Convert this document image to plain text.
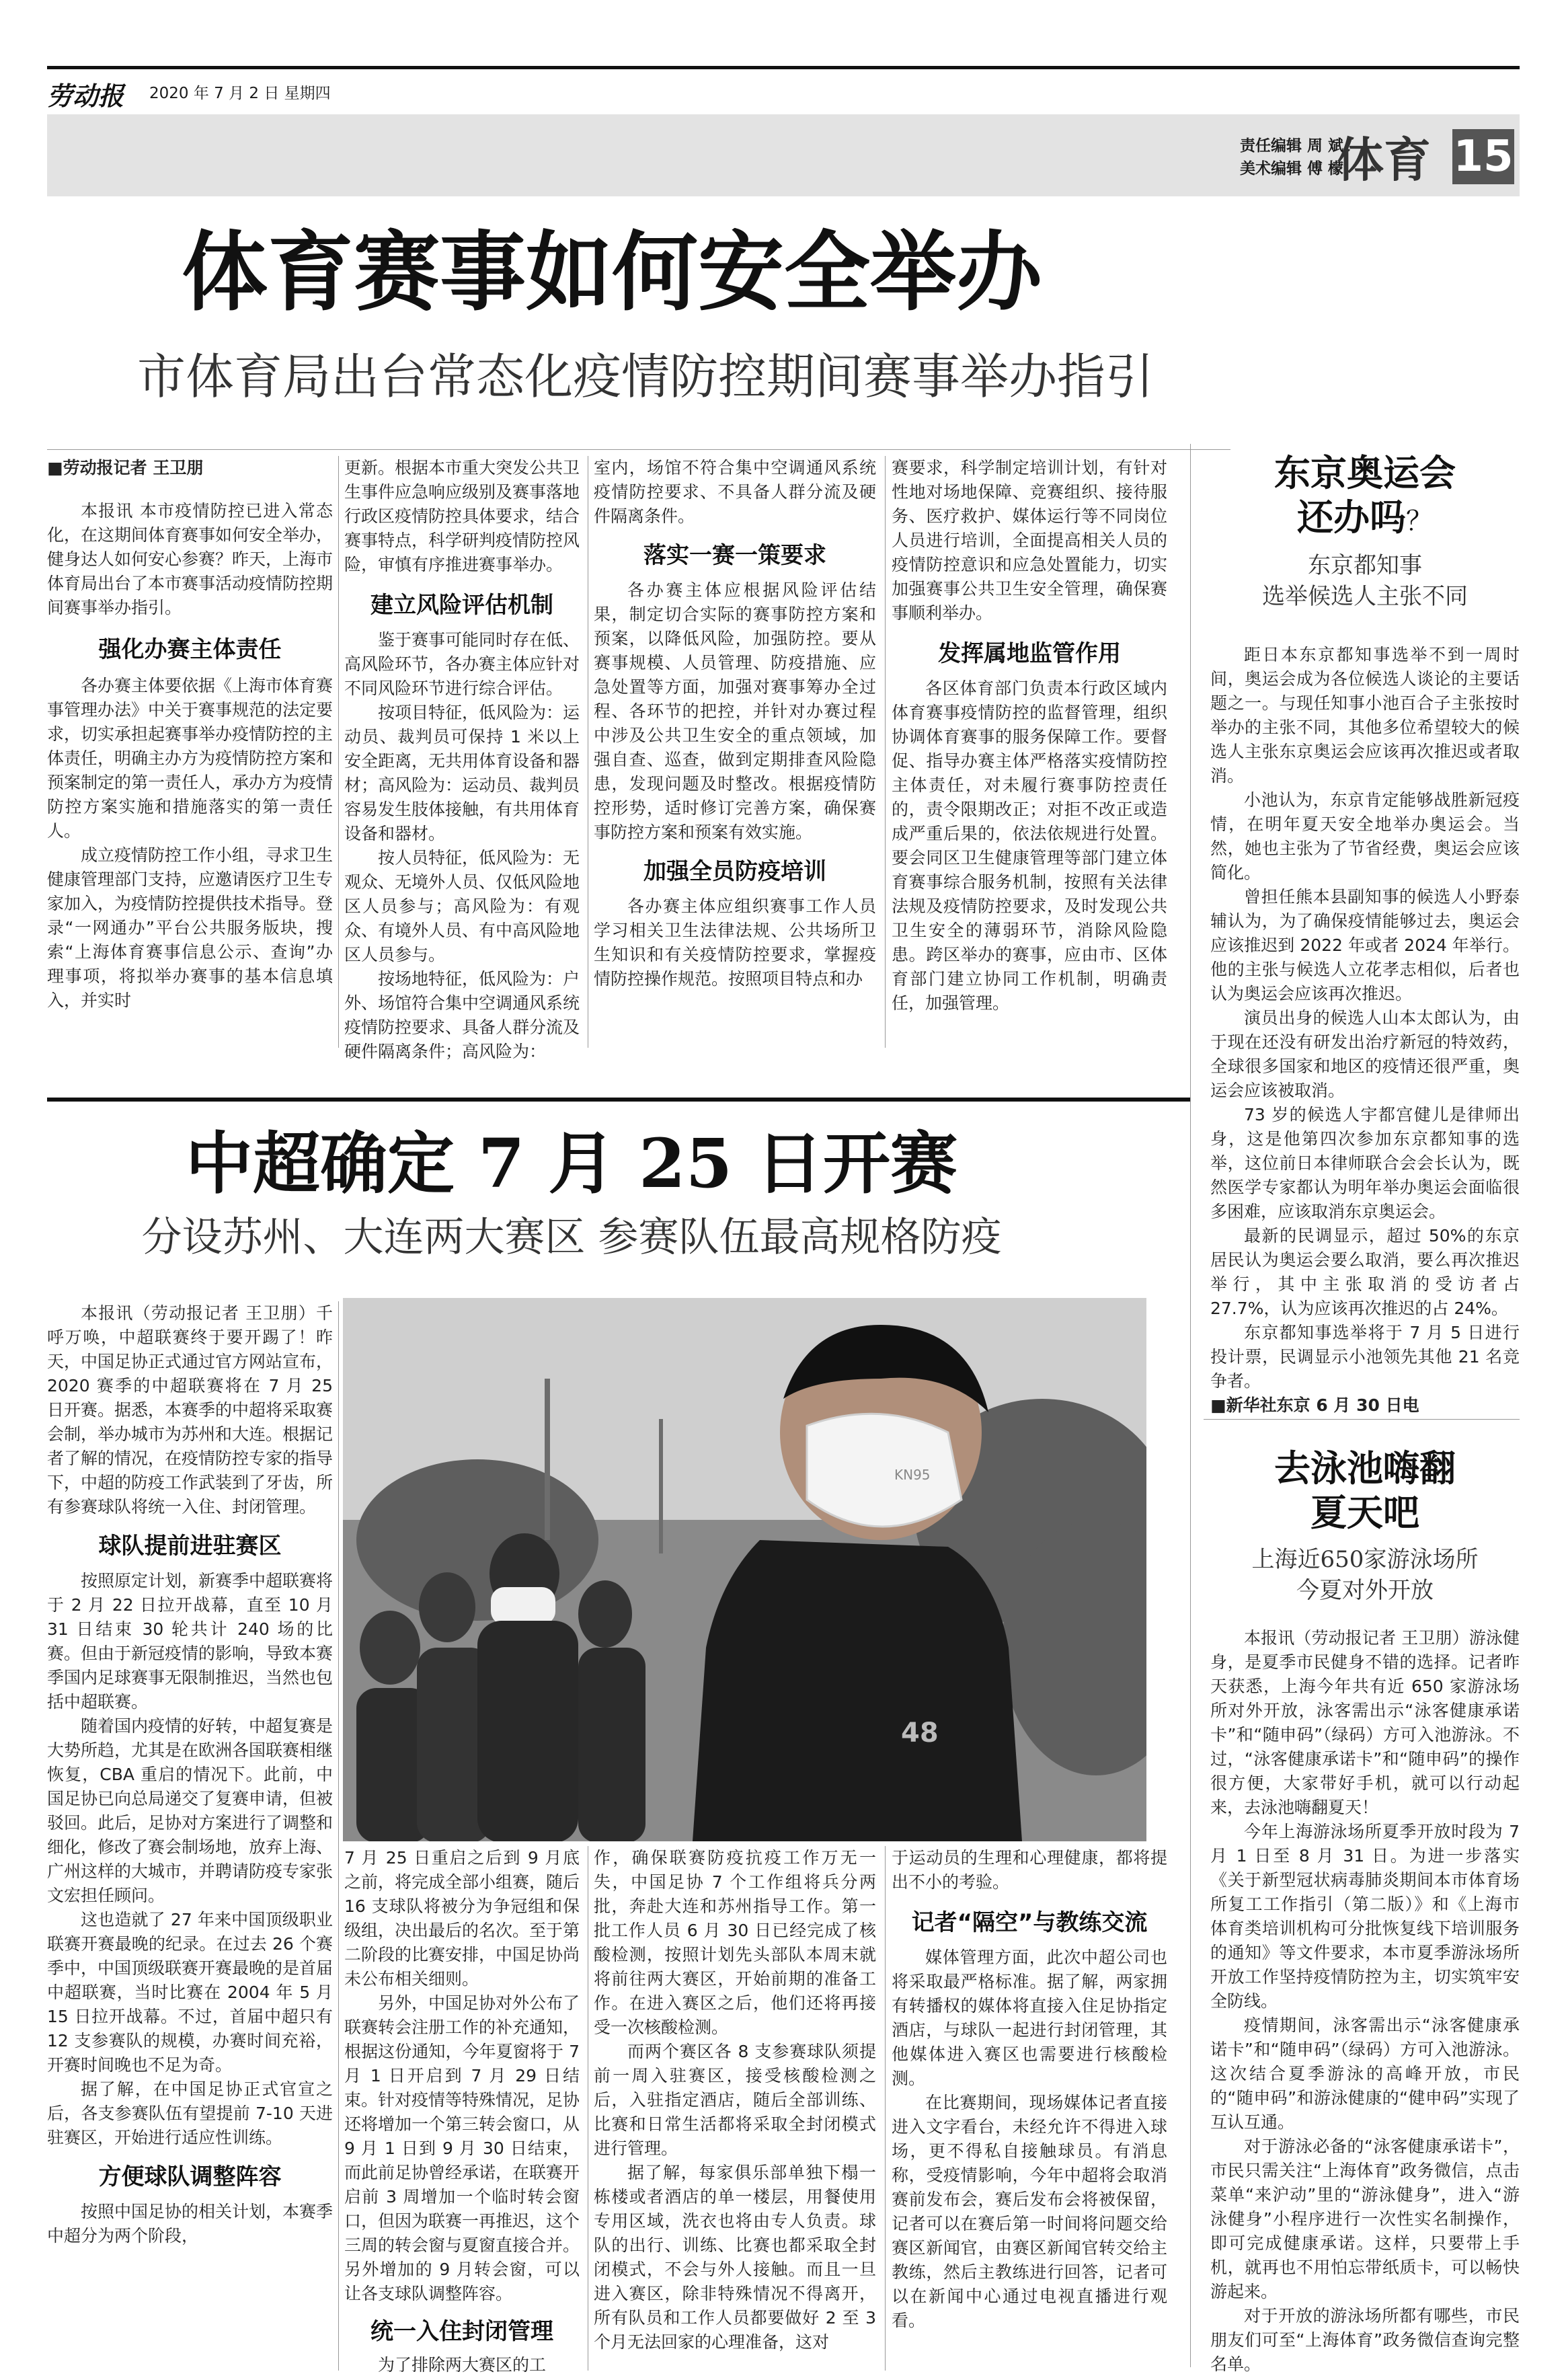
劳动报 2020 年 7 月 2 日 星期四
责任编辑 周 斌
美术编辑 傅 檬
体育 15
体育赛事如何安全举办
市体育局出台常态化疫情防控期间赛事举办指引

■劳动报记者 王卫朋

本报讯 本市疫情防控已进入常态化，在这期间体育赛事如何安全举办，健身达人如何安心参赛？昨天，上海市体育局出台了本市赛事活动疫情防控期间赛事举办指引。

强化办赛主体责任

各办赛主体要依据《上海市体育赛事管理办法》中关于赛事规范的法定要求，切实承担起赛事举办疫情防控的主体责任，明确主办方为疫情防控方案和预案制定的第一责任人，承办方为疫情防控方案实施和措施落实的第一责任人。

成立疫情防控工作小组，寻求卫生健康管理部门支持，应邀请医疗卫生专家加入，为疫情防控提供技术指导。登录“一网通办”平台公共服务版块，搜索“上海体育赛事信息公示、查询”办理事项，将拟举办赛事的基本信息填入，并实时

更新。根据本市重大突发公共卫生事件应急响应级别及赛事落地行政区疫情防控具体要求，结合赛事特点，科学研判疫情防控风险，审慎有序推进赛事举办。

建立风险评估机制

鉴于赛事可能同时存在低、高风险环节，各办赛主体应针对不同风险环节进行综合评估。

按项目特征，低风险为：运动员、裁判员可保持 1 米以上安全距离，无共用体育设备和器材；高风险为：运动员、裁判员容易发生肢体接触，有共用体育设备和器材。

按人员特征，低风险为：无观众、无境外人员、仅低风险地区人员参与；高风险为：有观众、有境外人员、有中高风险地区人员参与。

按场地特征，低风险为：户外、场馆符合集中空调通风系统疫情防控要求、具备人群分流及硬件隔离条件；高风险为：

室内，场馆不符合集中空调通风系统疫情防控要求、不具备人群分流及硬件隔离条件。

落实一赛一策要求

各办赛主体应根据风险评估结果，制定切合实际的赛事防控方案和预案，以降低风险，加强防控。要从赛事规模、人员管理、防疫措施、应急处置等方面，加强对赛事筹办全过程、各环节的把控，并针对办赛过程中涉及公共卫生安全的重点领域，加强自查、巡查，做到定期排查风险隐患，发现问题及时整改。根据疫情防控形势，适时修订完善方案，确保赛事防控方案和预案有效实施。

加强全员防疫培训

各办赛主体应组织赛事工作人员学习相关卫生法律法规、公共场所卫生知识和有关疫情防控要求，掌握疫情防控操作规范。按照项目特点和办

赛要求，科学制定培训计划，有针对性地对场地保障、竞赛组织、接待服务、医疗救护、媒体运行等不同岗位人员进行培训，全面提高相关人员的疫情防控意识和应急处置能力，切实加强赛事公共卫生安全管理，确保赛事顺利举办。

发挥属地监管作用

各区体育部门负责本行政区域内体育赛事疫情防控的监督管理，组织协调体育赛事的服务保障工作。要督促、指导办赛主体严格落实疫情防控主体责任，对未履行赛事防控责任的，责令限期改正；对拒不改正或造成严重后果的，依法依规进行处置。要会同区卫生健康管理等部门建立体育赛事综合服务机制，按照有关法律法规及疫情防控要求，及时发现公共卫生安全的薄弱环节，消除风险隐患。跨区举办的赛事，应由市、区体育部门建立协同工作机制，明确责任，加强管理。

中超确定 7 月 25 日开赛
分设苏州、大连两大赛区 参赛队伍最高规格防疫

本报讯（劳动报记者 王卫朋）千呼万唤，中超联赛终于要开踢了！昨天，中国足协正式通过官方网站宣布，2020 赛季的中超联赛将在 7 月 25 日开赛。据悉，本赛季的中超将采取赛会制，举办城市为苏州和大连。根据记者了解的情况，在疫情防控专家的指导下，中超的防疫工作武装到了牙齿，所有参赛球队将统一入住、封闭管理。

球队提前进驻赛区

按照原定计划，新赛季中超联赛将于 2 月 22 日拉开战幕，直至 10 月 31 日结束 30 轮共计 240 场的比赛。但由于新冠疫情的影响，导致本赛季国内足球赛事无限制推迟，当然也包括中超联赛。

随着国内疫情的好转，中超复赛是大势所趋，尤其是在欧洲各国联赛相继恢复，CBA 重启的情况下。此前，中国足协已向总局递交了复赛申请，但被驳回。此后，足协对方案进行了调整和细化，修改了赛会制场地，放弃上海、广州这样的大城市，并聘请防疫专家张文宏担任顾问。

这也造就了 27 年来中国顶级职业联赛开赛最晚的纪录。在过去 26 个赛季中，中国顶级联赛开赛最晚的是首届中超联赛，当时比赛在 2004 年 5 月 15 日拉开战幕。不过，首届中超只有 12 支参赛队的规模，办赛时间充裕，开赛时间晚也不足为奇。

据了解，在中国足协正式官宣之后，各支参赛队伍有望提前 7-10 天进驻赛区，开始进行适应性训练。

方便球队调整阵容

按照中国足协的相关计划，本赛季中超分为两个阶段，

KN95
48

7 月 25 日重启之后到 9 月底之前，将完成全部小组赛，随后 16 支球队将被分为争冠组和保级组，决出最后的名次。至于第二阶段的比赛安排，中国足协尚未公布相关细则。

另外，中国足协对外公布了联赛转会注册工作的补充通知，根据这份通知，今年夏窗将于 7 月 1 日开启到 7 月 29 日结束。针对疫情等特殊情况，足协还将增加一个第三转会窗口，从 9 月 1 日到 9 月 30 日结束，而此前足协曾经承诺，在联赛开启前 3 周增加一个临时转会窗口，但因为联赛一再推迟，这个三周的转会窗与夏窗直接合并。另外增加的 9 月转会窗，可以让各支球队调整阵容。

统一入住封闭管理

为了排除两大赛区的工

作，确保联赛防疫抗疫工作万无一失，中国足协 7 个工作组将兵分两批，奔赴大连和苏州指导工作。第一批工作人员 6 月 30 日已经完成了核酸检测，按照计划先头部队本周末就将前往两大赛区，开始前期的准备工作。在进入赛区之后，他们还将再接受一次核酸检测。

而两个赛区各 8 支参赛球队须提前一周入驻赛区，接受核酸检测之后，入驻指定酒店，随后全部训练、比赛和日常生活都将采取全封闭模式进行管理。

据了解，每家俱乐部单独下榻一栋楼或者酒店的单一楼层，用餐使用专用区域，洗衣也将由专人负责。球队的出行、训练、比赛也都采取全封闭模式，不会与外人接触。而且一旦进入赛区，除非特殊情况不得离开，所有队员和工作人员都要做好 2 至 3 个月无法回家的心理准备，这对

于运动员的生理和心理健康，都将提出不小的考验。

记者“隔空”与教练交流

媒体管理方面，此次中超公司也将采取最严格标准。据了解，两家拥有转播权的媒体将直接入住足协指定酒店，与球队一起进行封闭管理，其他媒体进入赛区也需要进行核酸检测。

在比赛期间，现场媒体记者直接进入文字看台，未经允许不得进入球场，更不得私自接触球员。有消息称，受疫情影响，今年中超将会取消赛前发布会，赛后发布会将被保留，记者可以在赛后第一时间将问题交给赛区新闻官，由赛区新闻官转交给主教练，然后主教练进行回答，记者可以在新闻中心通过电视直播进行观看。

东京奥运会
还办吗？
东京都知事
选举候选人主张不同

距日本东京都知事选举不到一周时间，奥运会成为各位候选人谈论的主要话题之一。与现任知事小池百合子主张按时举办的主张不同，其他多位希望较大的候选人主张东京奥运会应该再次推迟或者取消。

小池认为，东京肯定能够战胜新冠疫情，在明年夏天安全地举办奥运会。当然，她也主张为了节省经费，奥运会应该简化。

曾担任熊本县副知事的候选人小野泰辅认为，为了确保疫情能够过去，奥运会应该推迟到 2022 年或者 2024 年举行。他的主张与候选人立花孝志相似，后者也认为奥运会应该再次推迟。

演员出身的候选人山本太郎认为，由于现在还没有研发出治疗新冠的特效药，全球很多国家和地区的疫情还很严重，奥运会应该被取消。

73 岁的候选人宇都宫健儿是律师出身，这是他第四次参加东京都知事的选举，这位前日本律师联合会会长认为，既然医学专家都认为明年举办奥运会面临很多困难，应该取消东京奥运会。

最新的民调显示，超过 50%的东京居民认为奥运会要么取消，要么再次推迟举行，其中主张取消的受访者占 27.7%，认为应该再次推迟的占 24%。

东京都知事选举将于 7 月 5 日进行投计票，民调显示小池领先其他 21 名竞争者。

■新华社东京 6 月 30 日电

去泳池嗨翻
夏天吧
上海近650家游泳场所
今夏对外开放

本报讯（劳动报记者 王卫朋）游泳健身，是夏季市民健身不错的选择。记者昨天获悉，上海今年共有近 650 家游泳场所对外开放，泳客需出示“泳客健康承诺卡”和“随申码”（绿码）方可入池游泳。不过，“泳客健康承诺卡”和“随申码”的操作很方便，大家带好手机，就可以行动起来，去泳池嗨翻夏天！

今年上海游泳场所夏季开放时段为 7 月 1 日至 8 月 31 日。为进一步落实《关于新型冠状病毒肺炎期间本市体育场所复工工作指引（第二版）》和《上海市体育类培训机构可分批恢复线下培训服务的通知》等文件要求，本市夏季游泳场所开放工作坚持疫情防控为主，切实筑牢安全防线。

疫情期间，泳客需出示“泳客健康承诺卡”和“随申码”（绿码）方可入池游泳。这次结合夏季游泳的高峰开放，市民的“随申码”和游泳健康的“健申码”实现了互认互通。

对于游泳必备的“泳客健康承诺卡”，市民只需关注“上海体育”政务微信，点击菜单“来沪动”里的“游泳健身”，进入“游泳健身”小程序进行一次性实名制操作，即可完成健康承诺。这样，只要带上手机，就再也不用怕忘带纸质卡，可以畅快游起来。

对于开放的游泳场所都有哪些，市民朋友们可至“上海体育”政务微信查询完整名单。
